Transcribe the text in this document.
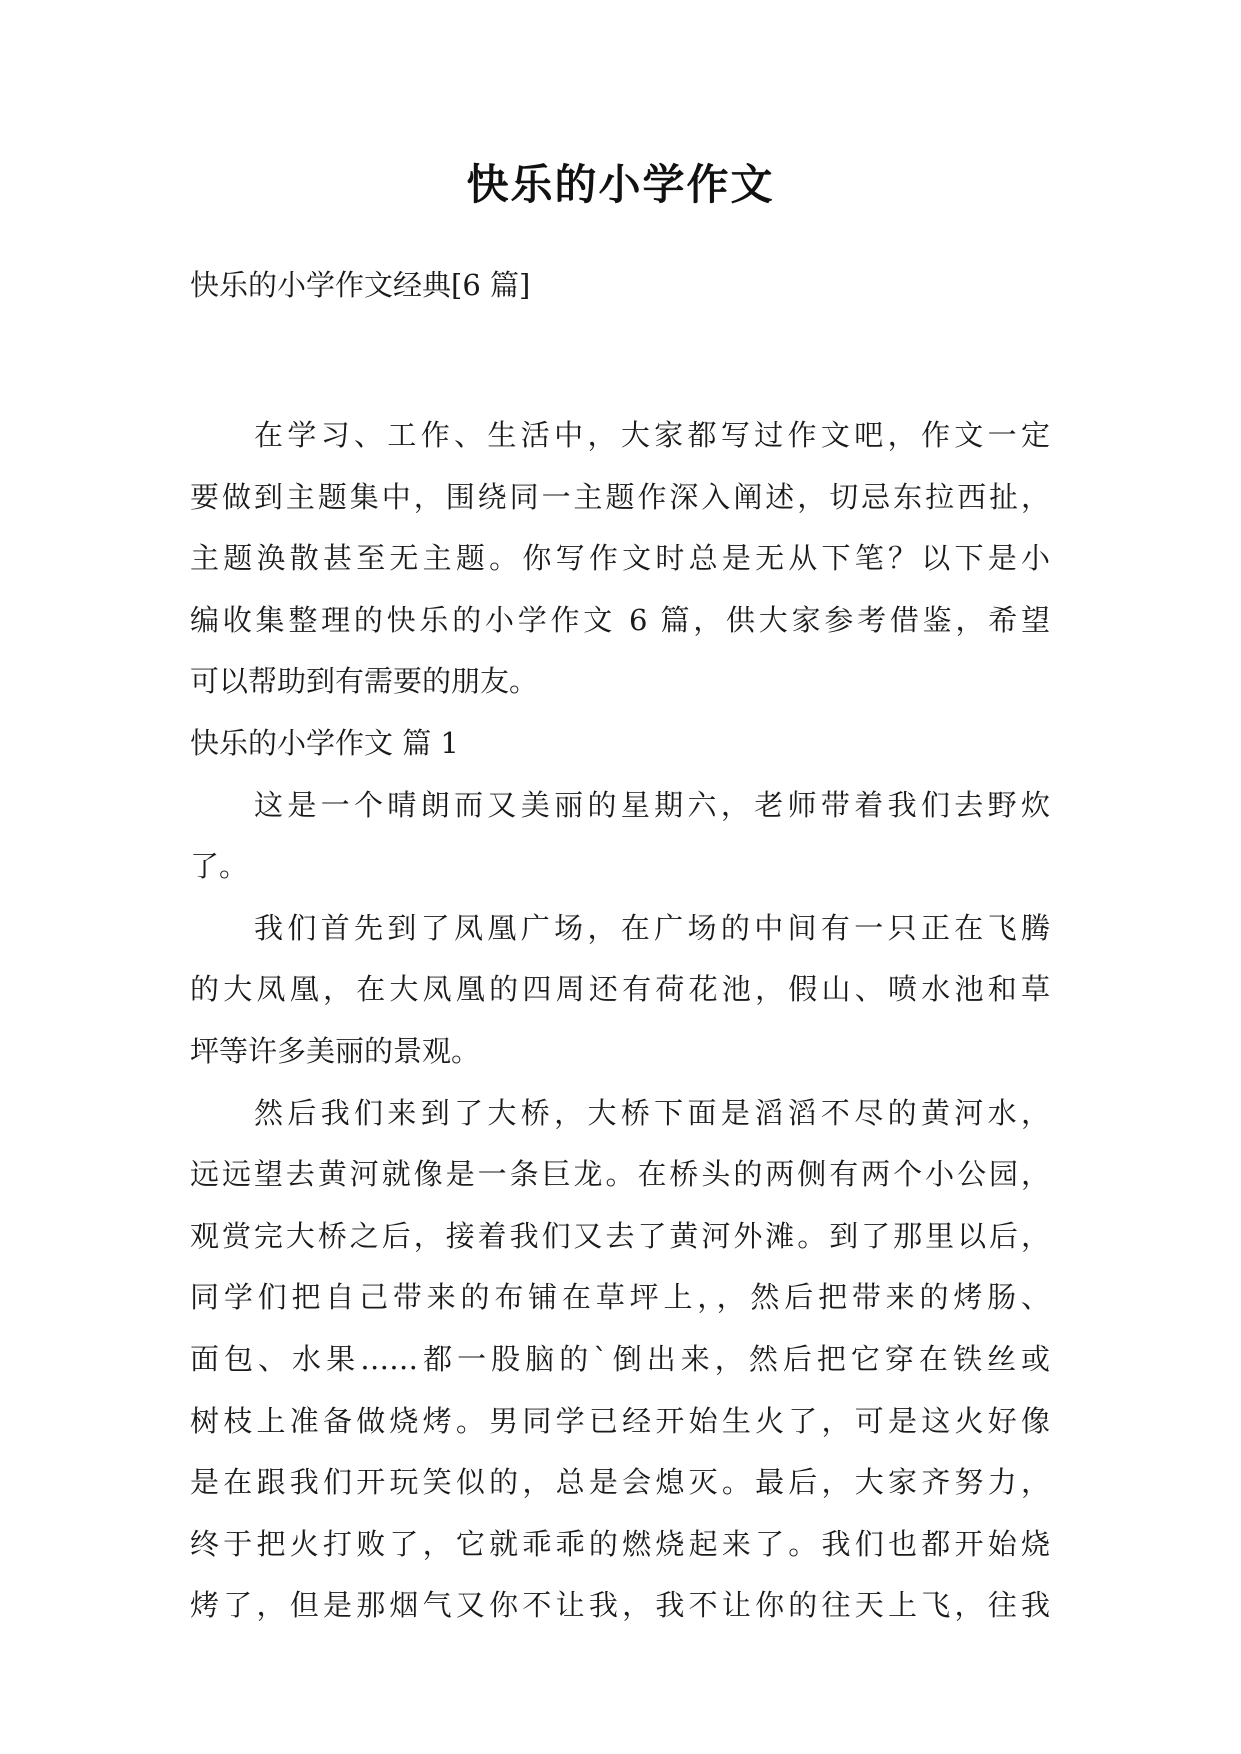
快乐的小学作文
快乐的小学作文经典[6 篇]
在学习、工作、生活中，大家都写过作文吧，作文一定
要做到主题集中，围绕同一主题作深入阐述，切忌东拉西扯，
主题涣散甚至无主题。你写作文时总是无从下笔？以下是小
编收集整理的快乐的小学作文 6 篇，供大家参考借鉴，希望
可以帮助到有需要的朋友。
快乐的小学作文 篇 1
这是一个晴朗而又美丽的星期六，老师带着我们去野炊
了。
我们首先到了凤凰广场，在广场的中间有一只正在飞腾
的大凤凰，在大凤凰的四周还有荷花池，假山、喷水池和草
坪等许多美丽的景观。
然后我们来到了大桥，大桥下面是滔滔不尽的黄河水，
远远望去黄河就像是一条巨龙。在桥头的两侧有两个小公园，
观赏完大桥之后，接着我们又去了黄河外滩。到了那里以后，
同学们把自己带来的布铺在草坪上，，然后把带来的烤肠、
面包、水果……都一股脑的`倒出来，然后把它穿在铁丝或
树枝上准备做烧烤。男同学已经开始生火了，可是这火好像
是在跟我们开玩笑似的，总是会熄灭。最后，大家齐努力，
终于把火打败了，它就乖乖的燃烧起来了。我们也都开始烧
烤了，但是那烟气又你不让我，我不让你的往天上飞，往我
